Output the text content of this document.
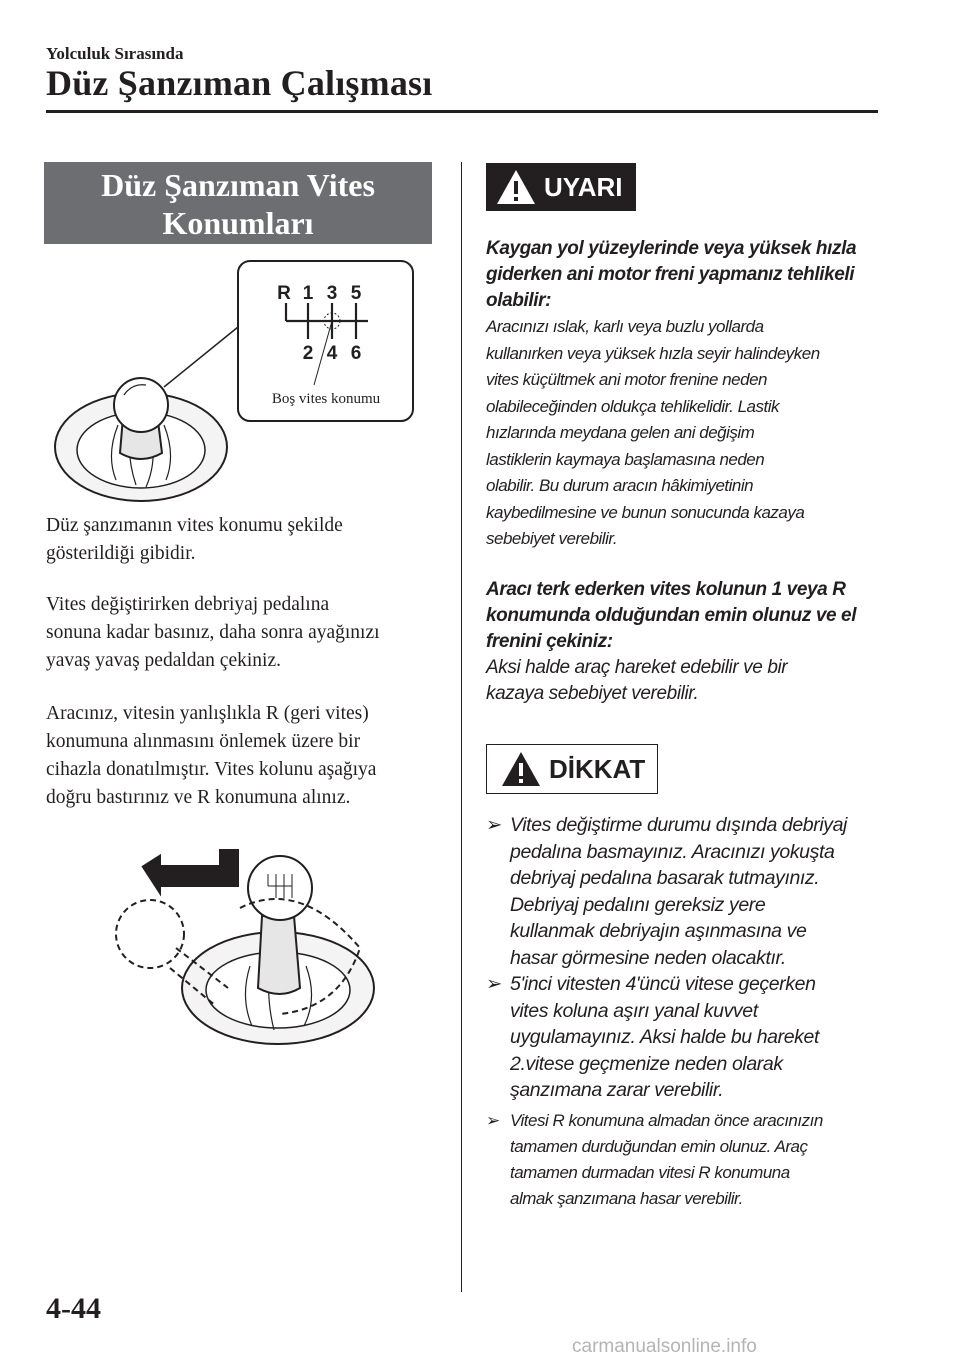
Yolculuk Sırasında
Düz Şanzıman Çalışması
Düz Şanzıman Vites
Konumları
R 1 3 5
2 4 6
Boş vites konumu
Düz şanzımanın vites konumu şekilde
gösterildiği gibidir.
Vites değiştirirken debriyaj pedalına
sonuna kadar basınız, daha sonra ayağınızı
yavaş yavaş pedaldan çekiniz.
Aracınız, vitesin yanlışlıkla R (geri vites)
konumuna alınmasını önlemek üzere bir
cihazla donatılmıştır. Vites kolunu aşağıya
doğru bastırınız ve R konumuna alınız.
UYARI
Kaygan yol yüzeylerinde veya yüksek hızla
giderken ani motor freni yapmanız tehlikeli
olabilir:
Aracınızı ıslak, karlı veya buzlu yollarda
kullanırken veya yüksek hızla seyir halindeyken
vites küçültmek ani motor frenine neden
olabileceğinden oldukça tehlikelidir. Lastik
hızlarında meydana gelen ani değişim
lastiklerin kaymaya başlamasına neden
olabilir. Bu durum aracın hâkimiyetinin
kaybedilmesine ve bunun sonucunda kazaya
sebebiyet verebilir.
Aracı terk ederken vites kolunun 1 veya R
konumunda olduğundan emin olunuz ve el
frenini çekiniz:
Aksi halde araç hareket edebilir ve bir
kazaya sebebiyet verebilir.
DİKKAT
➢ Vites değiştirme durumu dışında debriyaj
pedalına basmayınız. Aracınızı yokuşta
debriyaj pedalına basarak tutmayınız.
Debriyaj pedalını gereksiz yere
kullanmak debriyajın aşınmasına ve
hasar görmesine neden olacaktır.
➢ 5'inci vitesten 4'üncü vitese geçerken
vites koluna aşırı yanal kuvvet
uygulamayınız. Aksi halde bu hareket
2.vitese geçmenize neden olarak
şanzımana zarar verebilir.
➢ Vitesi R konumuna almadan önce aracınızın
tamamen durduğundan emin olunuz. Araç
tamamen durmadan vitesi R konumuna
almak şanzımana hasar verebilir.
4-44
carmanualsonline.info
